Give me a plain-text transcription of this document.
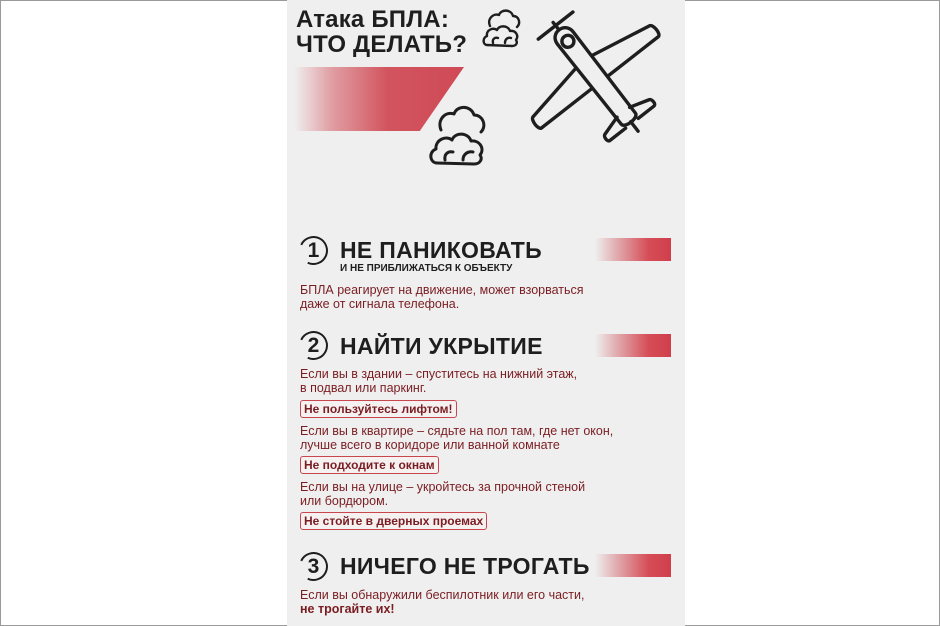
Атака БПЛА:
ЧТО ДЕЛАТЬ?
1 НЕ ПАНИКОВАТЬ
И НЕ ПРИБЛИЖАТЬСЯ К ОБЪЕКТУ
БПЛА реагирует на движение, может взорваться
даже от сигнала телефона.
2 НАЙТИ УКРЫТИЕ
Если вы в здании – спуститесь на нижний этаж,
в подвал или паркинг.
Не пользуйтесь лифтом!
Если вы в квартире – сядьте на пол там, где нет окон,
лучше всего в коридоре или ванной комнате
Не подходите к окнам
Если вы на улице – укройтесь за прочной стеной
или бордюром.
Не стойте в дверных проемах
3 НИЧЕГО НЕ ТРОГАТЬ
Если вы обнаружили беспилотник или его части,
не трогайте их!
